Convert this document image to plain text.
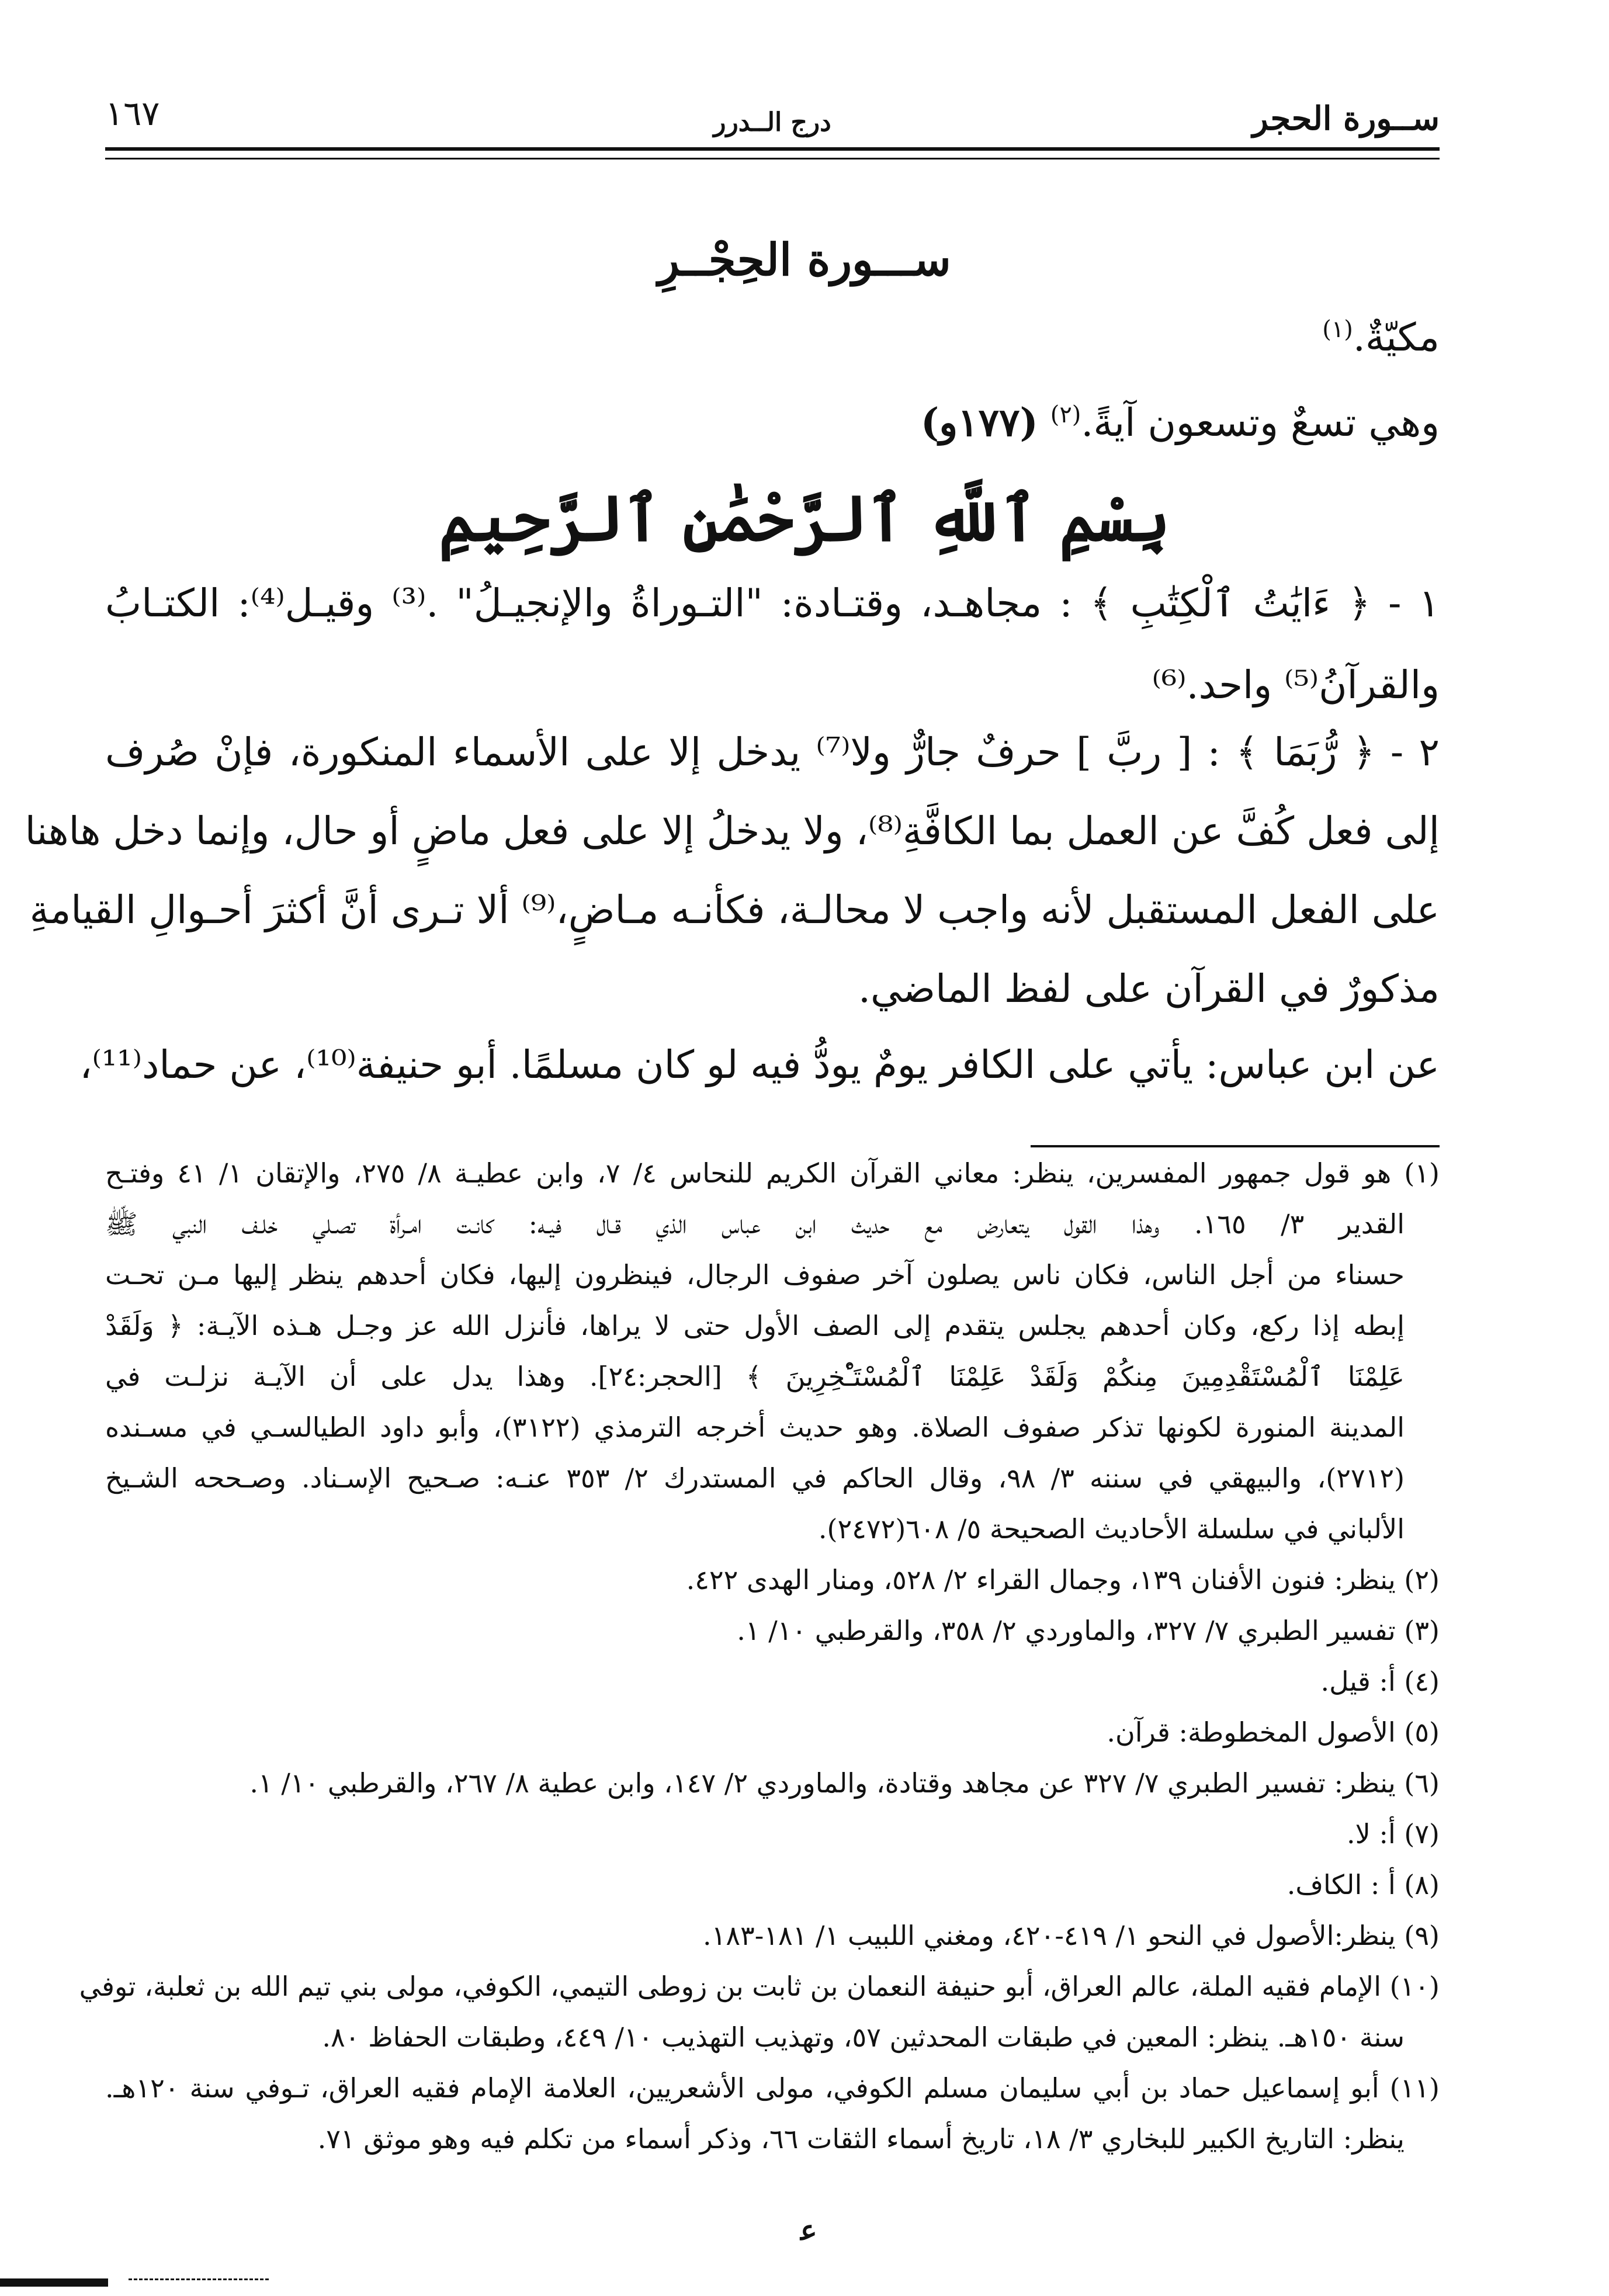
ســورة الحجر
درج الــدرر
١٦٧
ســـورة الحِجْــرِ
مكيّةٌ.$^{(١)}$
وهي تسعٌ وتسعون آيةً.$^{(٢)}$ (١٧٧و)
بِسْمِ ٱللَّهِ ٱلرَّحْمَٰنِ ٱلرَّحِيمِ
١ - ﴿ ءَايَٰتُ ٱلْكِتَٰبِ ﴾ : مجاهـد، وقتـادة: "التـوراةُ والإنجيـلُ" .⁽³⁾ وقيـل⁽⁴⁾: الكتـابُ
والقرآنُ⁽⁵⁾ واحد.⁽⁶⁾
٢ - ﴿ رُّبَمَا ﴾ : [ ربَّ ] حرفٌ جارٌّ ولا⁽⁷⁾ يدخل إلا على الأسماء المنكورة، فإنْ صُرف
إلى فعل كُفَّ عن العمل بما الكافَّةِ⁽⁸⁾، ولا يدخلُ إلا على فعل ماضٍ أو حال، وإنما دخل هاهنا
على الفعل المستقبل لأنه واجب لا محالـة، فكأنـه مـاضٍ،⁽⁹⁾ ألا تـرى أنَّ أكثرَ أحـوالِ القيامةِ
مذكورٌ في القرآن على لفظ الماضي.
عن ابن عباس: يأتي على الكافر يومٌ يودُّ فيه لو كان مسلمًا. أبو حنيفة⁽¹⁰⁾، عن حماد⁽¹¹⁾،
(١) هو قول جمهور المفسرين، ينظر: معاني القرآن الكريم للنحاس ٤/ ٧، وابن عطيـة ٨/ ٢٧٥، والإتقان ١/ ٤١ وفتـح
القدير ٣/ ١٦٥. وهذا القول يتعارض مع حديث ابن عباس الذي قـال فيـه: كانـت امـرأة تصـلي خلـف النبي ﷺ
حسناء من أجل الناس، فكان ناس يصلون آخر صفوف الرجال، فينظرون إليها، فكان أحدهم ينظر إليها مـن تحـت
إبطه إذا ركع، وكان أحدهم يجلس يتقدم إلى الصف الأول حتى لا يراها، فأنزل الله عز وجـل هـذه الآيـة: ﴿ وَلَقَدْ
عَلِمْنَا ٱلْمُسْتَقْدِمِينَ مِنكُمْ وَلَقَدْ عَلِمْنَا ٱلْمُسْتَـْٔخِرِينَ ﴾ [الحجر:٢٤]. وهذا يدل على أن الآيـة نزلـت في
المدينة المنورة لكونها تذكر صفوف الصلاة. وهو حديث أخرجه الترمذي (٣١٢٢)، وأبو داود الطيالسـي في مسـنده
(٢٧١٢)، والبيهقي في سننه ٣/ ٩٨، وقال الحاكم في المستدرك ٢/ ٣٥٣ عنـه: صـحيح الإسـناد. وصـححه الشـيخ
الألباني في سلسلة الأحاديث الصحيحة ٥/ ٦٠٨(٢٤٧٢).
(٢) ينظر: فنون الأفنان ١٣٩، وجمال القراء ٢/ ٥٢٨، ومنار الهدى ٤٢٢.
(٣) تفسير الطبري ٧/ ٣٢٧، والماوردي ٢/ ٣٥٨، والقرطبي ١٠/ ١.
(٤) أ: قيل.
(٥) الأصول المخطوطة: قرآن.
(٦) ينظر: تفسير الطبري ٧/ ٣٢٧ عن مجاهد وقتادة، والماوردي ٢/ ١٤٧، وابن عطية ٨/ ٢٦٧، والقرطبي ١٠/ ١.
(٧) أ: لا.
(٨) أ : الكاف.
(٩) ينظر:الأصول في النحو ١/ ٤١٩-٤٢٠، ومغني اللبيب ١/ ١٨١-١٨٣.
(١٠) الإمام فقيه الملة، عالم العراق، أبو حنيفة النعمان بن ثابت بن زوطى التيمي، الكوفي، مولى بني تيم الله بن ثعلبة، توفي
سنة ١٥٠هـ. ينظر: المعين في طبقات المحدثين ٥٧، وتهذيب التهذيب ١٠/ ٤٤٩، وطبقات الحفاظ ٨٠.
(١١) أبو إسماعيل حماد بن أبي سليمان مسلم الكوفي، مولى الأشعريين، العلامة الإمام فقيه العراق، تـوفي سنة ١٢٠هـ.
ينظر: التاريخ الكبير للبخاري ٣/ ١٨، تاريخ أسماء الثقات ٦٦، وذكر أسماء من تكلم فيه وهو موثق ٧١.
ﻋ
